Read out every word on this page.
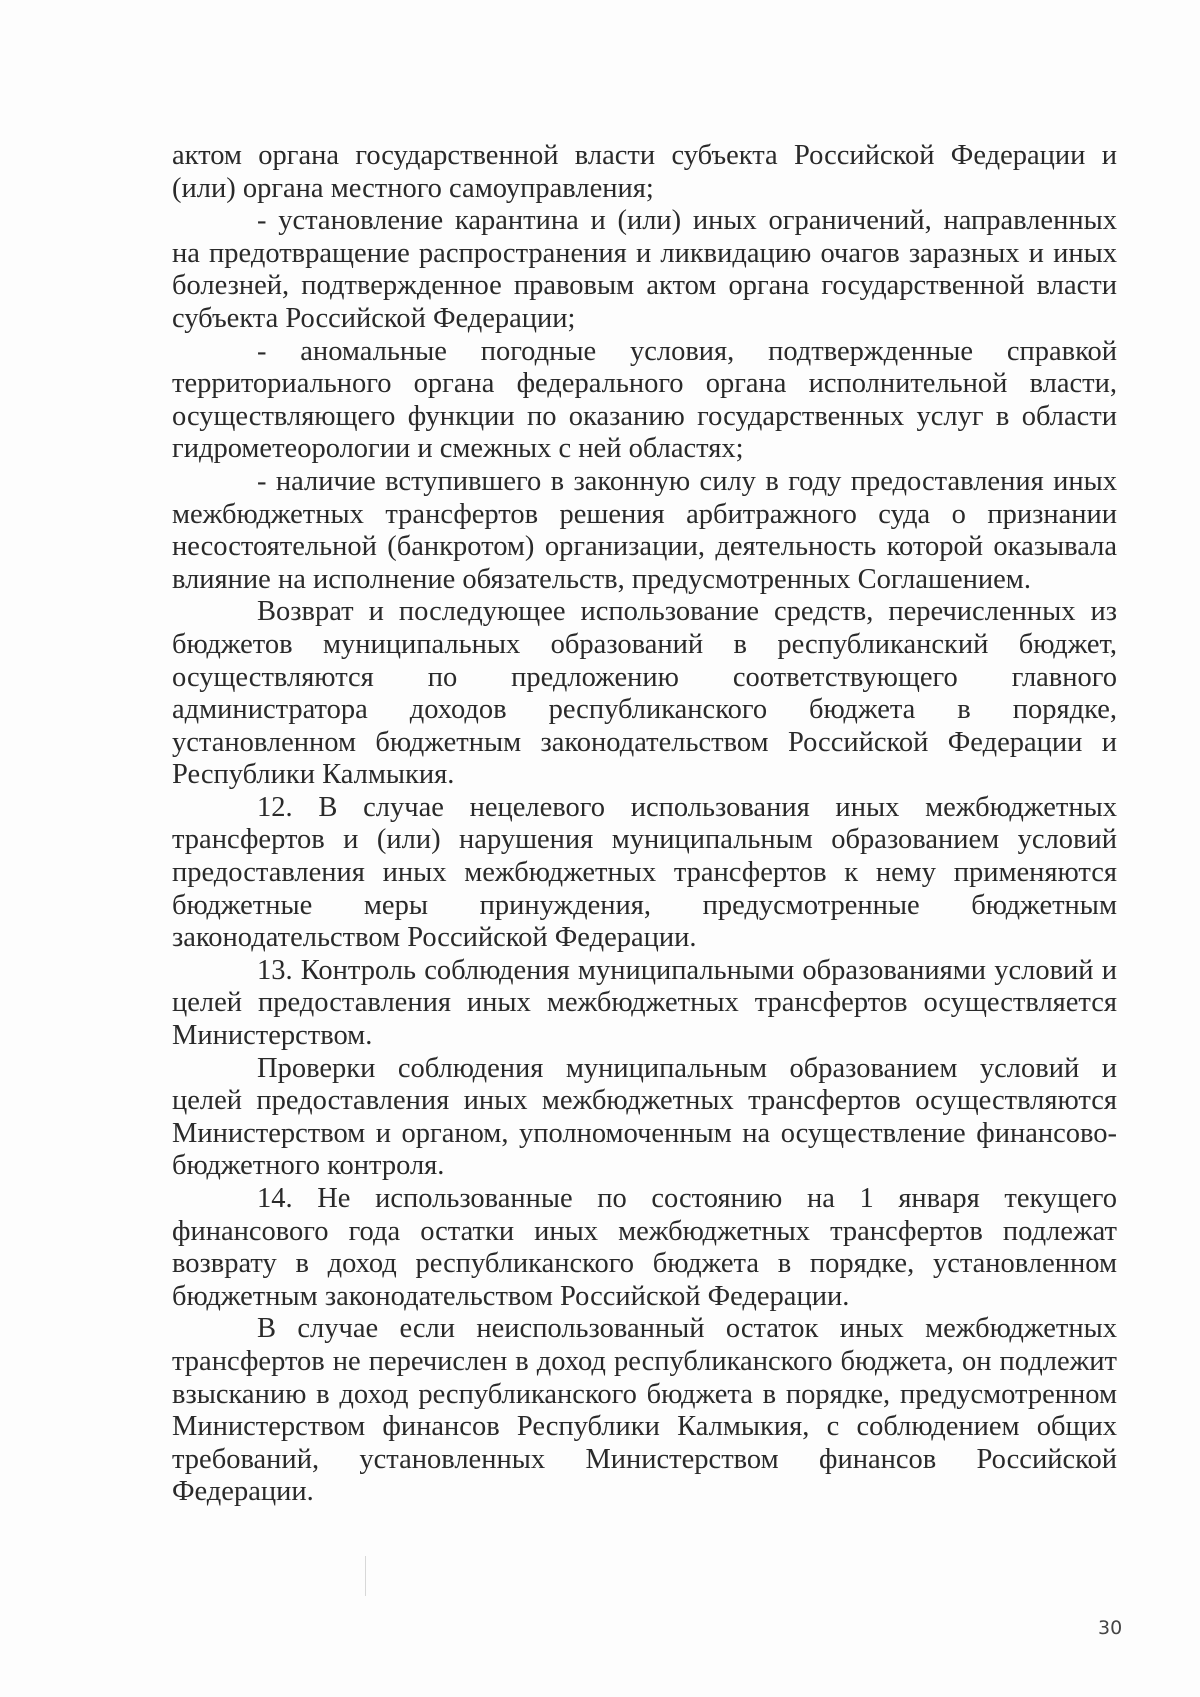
актом органа государственной власти субъекта Российской Федерации и (или) органа местного самоуправления;

- установление карантина и (или) иных ограничений, направленных на предотвращение распространения и ликвидацию очагов заразных и иных болезней, подтвержденное правовым актом органа государственной власти субъекта Российской Федерации;

- аномальные погодные условия, подтвержденные справкой территориального органа федерального органа исполнительной власти, осуществляющего функции по оказанию государственных услуг в области гидрометеорологии и смежных с ней областях;

- наличие вступившего в законную силу в году предоставления иных межбюджетных трансфертов решения арбитражного суда о признании несостоятельной (банкротом) организации, деятельность которой оказывала влияние на исполнение обязательств, предусмотренных Соглашением.

Возврат и последующее использование средств, перечисленных из бюджетов муниципальных образований в республиканский бюджет, осуществляются по предложению соответствующего главного администратора доходов республиканского бюджета в порядке, установленном бюджетным законодательством Российской Федерации и Республики Калмыкия.

12. В случае нецелевого использования иных межбюджетных трансфертов и (или) нарушения муниципальным образованием условий предоставления иных межбюджетных трансфертов к нему применяются бюджетные меры принуждения, предусмотренные бюджетным законодательством Российской Федерации.

13. Контроль соблюдения муниципальными образованиями условий и целей предоставления иных межбюджетных трансфертов осуществляется Министерством.

Проверки соблюдения муниципальным образованием условий и целей предоставления иных межбюджетных трансфертов осуществляются Министерством и органом, уполномоченным на осуществление финансово-бюджетного контроля.

14. Не использованные по состоянию на 1 января текущего финансового года остатки иных межбюджетных трансфертов подлежат возврату в доход республиканского бюджета в порядке, установленном бюджетным законодательством Российской Федерации.

В случае если неиспользованный остаток иных межбюджетных трансфертов не перечислен в доход республиканского бюджета, он подлежит взысканию в доход республиканского бюджета в порядке, предусмотренном Министерством финансов Республики Калмыкия, с соблюдением общих требований, установленных Министерством финансов Российской Федерации.

30
